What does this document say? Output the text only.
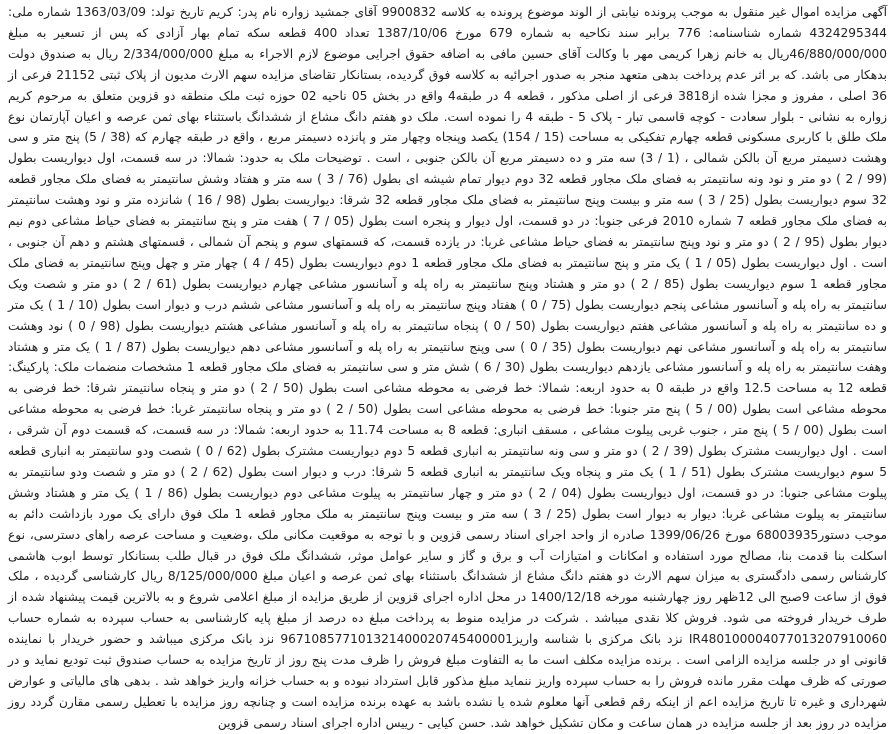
آگهی مزایده اموال غیر منقول به موجب پرونده نیابتی از الوند موضوع پرونده به کلاسه 9900832 آقای جمشید زواره نام پدر: کریم تاریخ تولد: 1363/03/09 شماره ملی: 4324295344 شماره شناسنامه: 776 برابر سند نکاحیه به شماره 679 مورخ 1387/10/06 تعداد 400 قطعه سکه تمام بهار آزادی که پس از تسعیر به مبلغ 46/880/000/000ریال به خانم زهرا کریمی مهر با وکالت آقای حسین مافی به اضافه حقوق اجرایی موضوع لازم الاجراء به مبلغ 2/334/000/000 ریال به صندوق دولت بدهکار می باشد. که بر اثر عدم پرداخت بدهی متعهد منجر به صدور اجرائیه به کلاسه فوق گردیده، بستانکار تقاضای مزایده سهم الارث مدیون از پلاک ثبتی 21152 فرعی از 36 اصلی ، مفروز و مجزا شده از3818 فرعی از اصلی مذکور ، قطعه 4 در طبقه4 واقع در بخش 05 ناحیه 02 حوزه ثبت ملک منطقه دو قزوین متعلق به مرحوم کریم زواره به نشانی - بلوار سعادت - کوچه قاسمی تبار - پلاک 5 - طبقه 4 را نموده است. ملک دو هفتم دانگ مشاع از ششدانگ باستثناء بهای ثمن عرصه و اعیان آپارتمان نوع ملک طلق با کاربری مسکونی قطعه چهارم تفکیکی به مساحت (15 / 154) یکصد وپنجاه وچهار متر و پانزده دسیمتر مربع ، واقع در طبقه چهارم که (38 / 5) پنج متر و سی وهشت دسیمتر مربع آن بالکن شمالی ، (1 / 3) سه متر و ده دسیمتر مربع آن بالکن جنوبی ، است . توضیحات ملک به حدود: شمالا: در سه قسمت، اول دیواریست بطول (99 / 2 ) دو متر و نود ونه سانتیمتر به فضای ملک مجاور قطعه 32 دوم دیوار تمام شیشه ای بطول (76 / 3 ) سه متر و هفتاد وشش سانتیمتر به فضای ملک مجاور قطعه 32 سوم دیواریست بطول (25 / 3 ) سه متر و بیست وپنج سانتیمتر به فضای ملک مجاور قطعه 32 شرقا: دیواریست بطول (98 / 16 ) شانزده متر و نود وهشت سانتیمتر به فضای ملک مجاور قطعه 7 شماره 2010 فرعی جنوبا: در دو قسمت، اول دیوار و پنجره است بطول (05 / 7 ) هفت متر و پنج سانتیمتر به فضای حیاط مشاعی دوم نیم دیوار بطول (95 / 2 ) دو متر و نود وپنج سانتیمتر به فضای حیاط مشاعی غربا: در یازده قسمت، که قسمتهای سوم و پنجم آن شمالی ، قسمتهای هشتم و دهم آن جنوبی ، است . اول دیواریست بطول (05 / 1 ) یک متر و پنج سانتیمتر به فضای ملک مجاور قطعه 1 دوم دیواریست بطول (45 / 4 ) چهار متر و چهل وپنج سانتیمتر به فضای ملک مجاور قطعه 1 سوم دیواریست بطول (85 / 2 ) دو متر و هشتاد وپنج سانتیمتر به راه پله و آسانسور مشاعی چهارم دیواریست بطول (61 / 2 ) دو متر و شصت ویک سانتیمتر به راه پله و آسانسور مشاعی پنجم دیواریست بطول (75 / 0 ) هفتاد وپنج سانتیمتر به راه پله و آسانسور مشاعی ششم درب و دیوار است بطول (10 / 1 ) یک متر و ده سانتیمتر به راه پله و آسانسور مشاعی هفتم دیواریست بطول (50 / 0 ) پنجاه سانتیمتر به راه پله و آسانسور مشاعی هشتم دیواریست بطول (98 / 0 ) نود وهشت سانتیمتر به راه پله و آسانسور مشاعی نهم دیواریست بطول (35 / 0 ) سی وپنج سانتیمتر به راه پله و آسانسور مشاعی دهم دیواریست بطول (87 / 1 ) یک متر و هشتاد وهفت سانتیمتر به راه پله و آسانسور مشاعی یازدهم دیواریست بطول (30 / 6 ) شش متر و سی سانتیمتر به فضای ملک مجاور قطعه 1 مشخصات منضمات ملک: پارکینگ: قطعه 12 به مساحت 12.5 واقع در طبقه 0 به حدود اربعه: شمالا: خط فرضی به محوطه مشاعی است بطول (50 / 2 ) دو متر و پنجاه سانتیمتر شرقا: خط فرضی به محوطه مشاعی است بطول (00 / 5 ) پنج متر جنوبا: خط فرضی به محوطه مشاعی است بطول (50 / 2 ) دو متر و پنجاه سانتیمتر غربا: خط فرضی به محوطه مشاعی است بطول (00 / 5 ) پنج متر ، جنوب غربی پیلوت مشاعی ، مسقف انباری: قطعه 8 به مساحت 11.74 به حدود اربعه: شمالا: در سه قسمت، که قسمت دوم آن شرقی ، است . اول دیواریست مشترک بطول (39 / 2 ) دو متر و سی ونه سانتیمتر به انباری قطعه 5 دوم دیواریست مشترک بطول (62 / 0 ) شصت ودو سانتیمتر به انباری قطعه 5 سوم دیواریست مشترک بطول (51 / 1 ) یک متر و پنجاه ویک سانتیمتر به انباری قطعه 5 شرقا: درب و دیوار است بطول (62 / 2 ) دو متر و شصت ودو سانتیمتر به پیلوت مشاعی جنوبا: در دو قسمت، اول دیواریست بطول (04 / 2 ) دو متر و چهار سانتیمتر به پیلوت مشاعی دوم دیواریست بطول (86 / 1 ) یک متر و هشتاد وشش سانتیمتر به پیلوت مشاعی غربا: دیوار به دیوار است بطول (25 / 3 ) سه متر و بیست وپنج سانتیمتر به ملک مجاور قطعه 1 ملک فوق دارای یک مورد بازداشت دائم به موجب دستور68003935 مورخ 1399/06/26 صادره از واحد اجرای اسناد رسمی قزوین و با توجه به موقعیت مکانی ملک ،وضعیت و مساحت عرصه راهای دسترسی، نوع اسکلت بنا قدمت بنا، مصالح مورد استفاده و امکانات و امتیازات آب و برق و گاز و سایر عوامل موثر، ششدانگ ملک فوق در قبال طلب بستانکار توسط ابوب هاشمی کارشناس رسمی دادگستری به میزان سهم الارث دو هفتم دانگ مشاع از ششدانگ باستثناء بهای ثمن عرصه و اعیان مبلغ 8/125/000/000 ریال کارشناسی گردیده ، ملک فوق از ساعت 9صبح الی 12ظهر روز چهارشنبه مورخه 1400/12/18 در محل اداره اجرای قزوین از طریق مزایده از مبلغ اعلامی شروع و به بالاترین قیمت پیشنهاد شده از طرف خریدار فروخته می شود. فروش کلا نقدی میباشد . شرکت در مزایده منوط به پرداخت مبلغ ده درصد از مبلغ پایه کارشناسی به حساب سپرده به شماره حساب IR480100004077013207910060 نزد بانک مرکزی با شناسه واریز967108577101321400020745400001 نزد بانک مرکزی میباشد و حضور خریدار با نماینده قانونی او در جلسه مزایده الزامی است . برنده مزایده مکلف است ما به التفاوت مبلغ فروش را ظرف مدت پنج روز از تاریخ مزایده به حساب صندوق ثبت تودیع نماید و در صورتی که ظرف مهلت مقرر مانده فروش را به حساب سپرده واریز ننماید مبلغ مذکور قابل استرداد نبوده و به حساب خزانه واریز خواهد شد . بدهی های مالیاتی و عوارض شهرداری و غیره تا تاریخ مزایده اعم از اینکه رقم قطعی آنها معلوم شده یا نشده باشد به عهده برنده مزایده است و چنانچه روز مزایده با تعطیل رسمی مقارن گردد روز مزایده در روز بعد از جلسه مزایده در همان ساعت و مکان تشکیل خواهد شد. حسن کیایی - رییس اداره اجرای اسناد رسمی قزوین
